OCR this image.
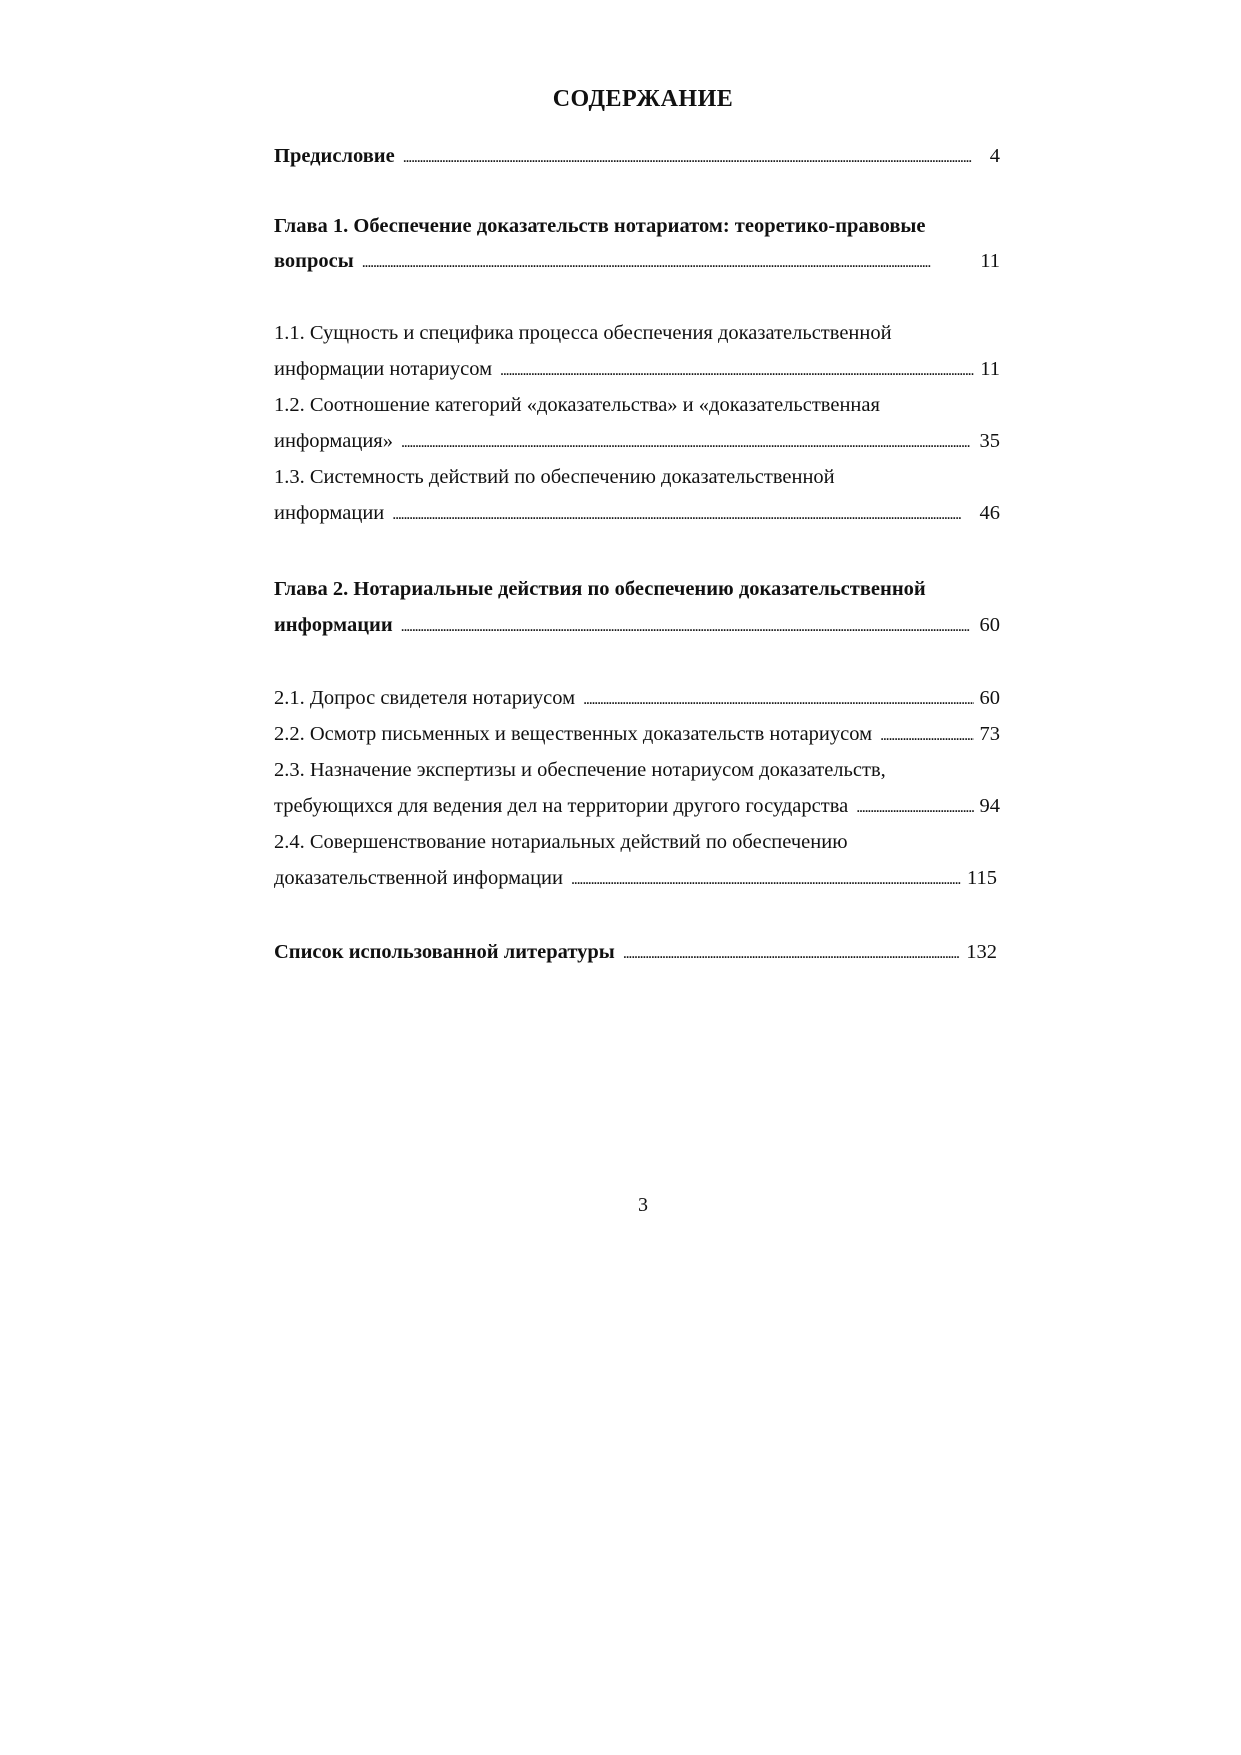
СОДЕРЖАНИЕ
Предисловие . . .	4
Глава 1. Обеспечение доказательств нотариатом: теоретико-правовые
вопросы . . .	11
1.1. Сущность и специфика процесса обеспечения доказательственной
информации нотариусом . . .	11
1.2. Соотношение категорий «доказательства» и «доказательственная
информация» . . .	35
1.3. Системность действий по обеспечению доказательственной
информации . . .	46
Глава 2. Нотариальные действия по обеспечению доказательственной
информации . . .	60
2.1. Допрос свидетеля нотариусом . . .	60
2.2. Осмотр письменных и вещественных доказательств нотариусом . . .	73
2.3. Назначение экспертизы и обеспечение нотариусом доказательств,
требующихся для ведения дел на территории другого государства . . .	94
2.4. Совершенствование нотариальных действий по обеспечению
доказательственной информации . . .	115
Список использованной литературы . . .	132
3
